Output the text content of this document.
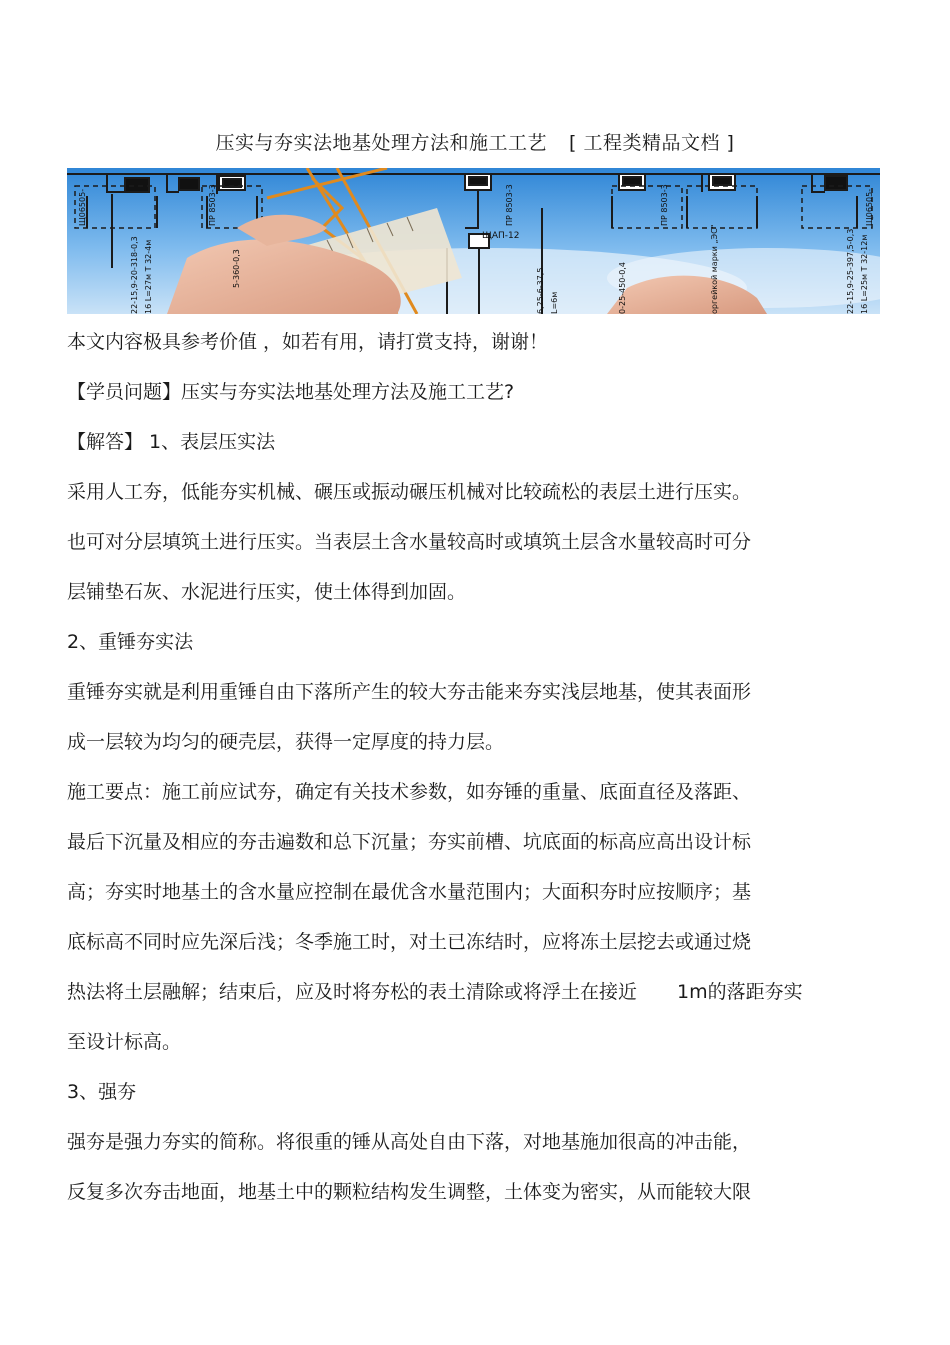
压实与夯实法地基处理方法和施工工艺 [ 工程类精品文档 ]
Щ06505-	ПР 8503-3
ЩАП-12
ПР 8503-3	ПР 8503-3	Щ06505-
22-15,9-20-318-0,3 16 L=27м Т 32-4м	5-360-0,3	6,25-6-37,5	0-25-450-0,4	оргейкой марки „ЭС“	22-15,9-25-397,5-0,3 16 L=25м Т 32-12м
L=6м
本文内容极具参考价值 ，如若有用，请打赏支持，谢谢！
【学员问题】压实与夯实法地基处理方法及施工工艺?
【解答】 1、表层压实法
采用人工夯，低能夯实机械、碾压或振动碾压机械对比较疏松的表层土进行压实。
也可对分层填筑土进行压实。当表层土含水量较高时或填筑土层含水量较高时可分
层铺垫石灰、水泥进行压实，使土体得到加固。
2、重锤夯实法
重锤夯实就是利用重锤自由下落所产生的较大夯击能来夯实浅层地基，使其表面形
成一层较为均匀的硬壳层，获得一定厚度的持力层。
施工要点：施工前应试夯，确定有关技术参数，如夯锤的重量、底面直径及落距、
最后下沉量及相应的夯击遍数和总下沉量；夯实前槽、坑底面的标高应高出设计标
高；夯实时地基土的含水量应控制在最优含水量范围内；大面积夯时应按顺序；基
底标高不同时应先深后浅；冬季施工时，对土已冻结时，应将冻土层挖去或通过烧
至设计标高。
3、强夯
强夯是强力夯实的简称。将很重的锤从高处自由下落，对地基施加很高的冲击能，
反复多次夯击地面，地基土中的颗粒结构发生调整，土体变为密实，从而能较大限
热法将土层融解；结束后，应及时将夯松的表土清除或将浮土在接近 1m的落距夯实
